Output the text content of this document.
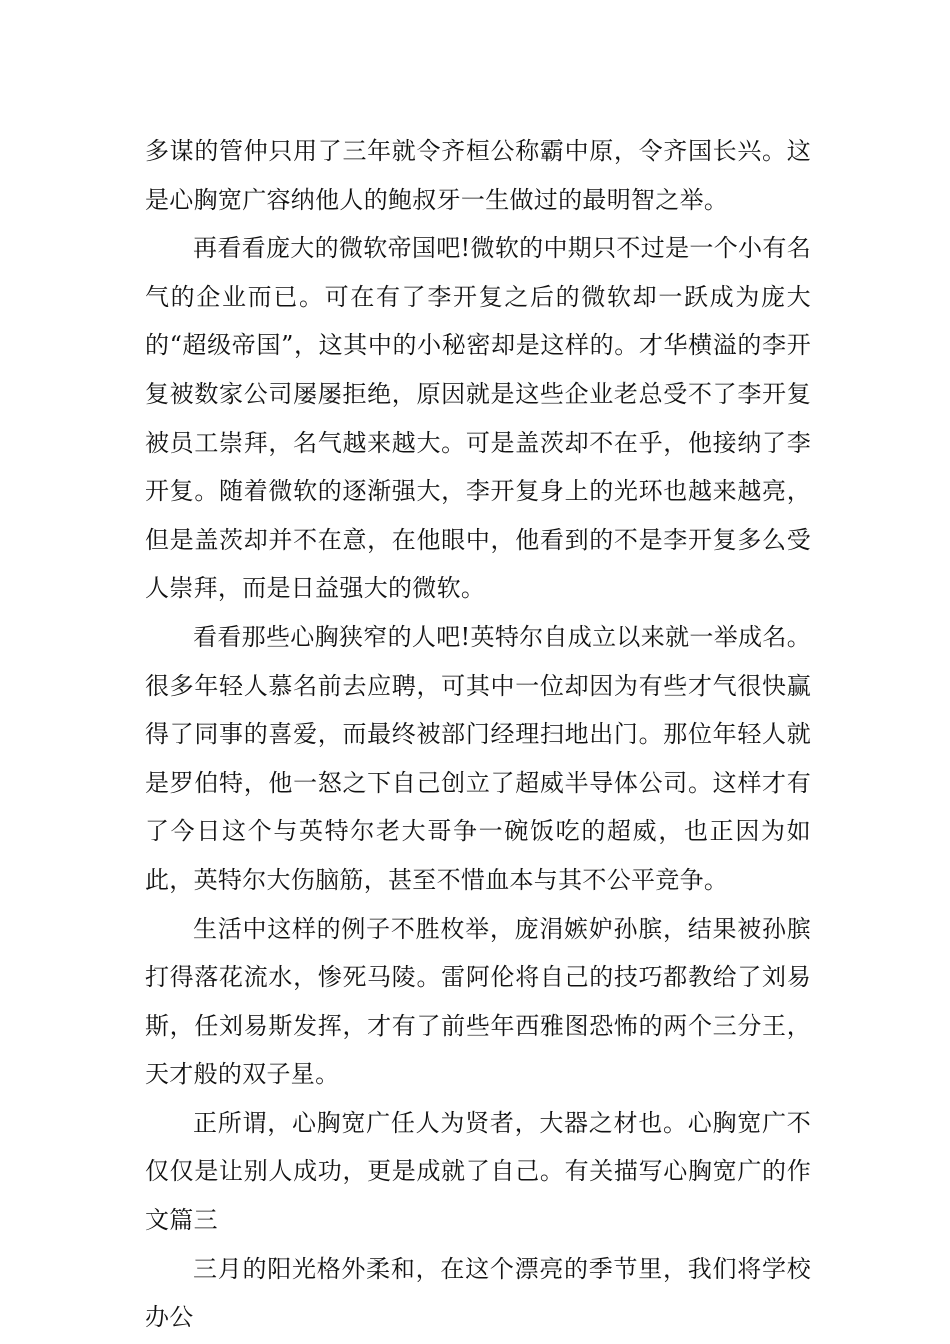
多谋的管仲只用了三年就令齐桓公称霸中原，令齐国长兴。这是心胸宽广容纳他人的鲍叔牙一生做过的最明智之举。

再看看庞大的微软帝国吧!微软的中期只不过是一个小有名气的企业而已。可在有了李开复之后的微软却一跃成为庞大的“超级帝国”，这其中的小秘密却是这样的。才华横溢的李开复被数家公司屡屡拒绝，原因就是这些企业老总受不了李开复被员工崇拜，名气越来越大。可是盖茨却不在乎，他接纳了李开复。随着微软的逐渐强大，李开复身上的光环也越来越亮，但是盖茨却并不在意，在他眼中，他看到的不是李开复多么受人崇拜，而是日益强大的微软。

看看那些心胸狭窄的人吧!英特尔自成立以来就一举成名。很多年轻人慕名前去应聘，可其中一位却因为有些才气很快赢得了同事的喜爱，而最终被部门经理扫地出门。那位年轻人就是罗伯特，他一怒之下自己创立了超威半导体公司。这样才有了今日这个与英特尔老大哥争一碗饭吃的超威，也正因为如此，英特尔大伤脑筋，甚至不惜血本与其不公平竞争。

生活中这样的例子不胜枚举，庞涓嫉妒孙膑，结果被孙膑打得落花流水，惨死马陵。雷阿伦将自己的技巧都教给了刘易斯，任刘易斯发挥，才有了前些年西雅图恐怖的两个三分王，天才般的双子星。

正所谓，心胸宽广任人为贤者，大器之材也。心胸宽广不仅仅是让别人成功，更是成就了自己。有关描写心胸宽广的作文篇三

三月的阳光格外柔和，在这个漂亮的季节里，我们将学校办公
